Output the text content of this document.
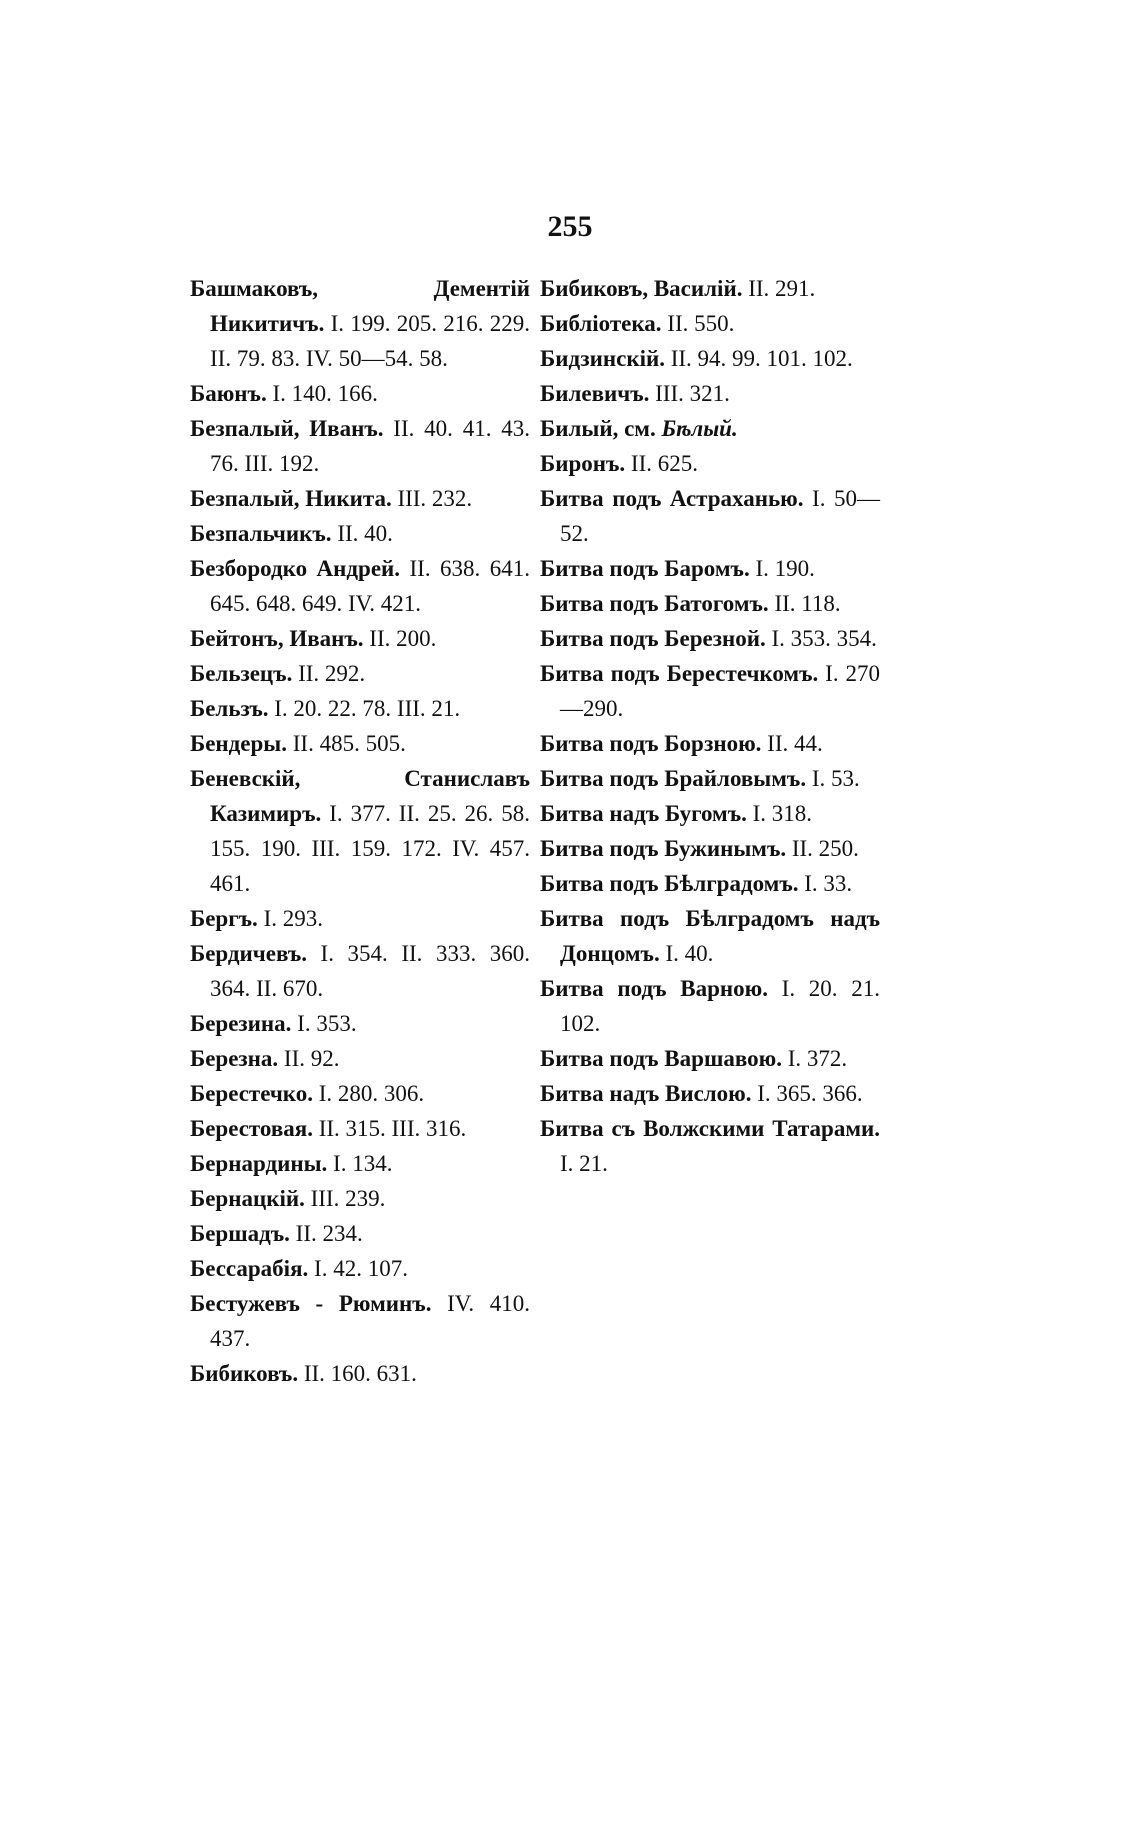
255
Башмаковъ, Дементій Никитичъ. I. 199. 205. 216. 229. II. 79. 83. IV. 50—54. 58.
Баюнъ. I. 140. 166.
Безпалый, Иванъ. II. 40. 41. 43. 76. III. 192.
Безпалый, Никита. III. 232.
Безпальчикъ. II. 40.
Безбородко Андрей. II. 638. 641. 645. 648. 649. IV. 421.
Бейтонъ, Иванъ. II. 200.
Бельзецъ. II. 292.
Бельзъ. I. 20. 22. 78. III. 21.
Бендеры. II. 485. 505.
Беневскій, Станиславъ Казимиръ. I. 377. II. 25. 26. 58. 155. 190. III. 159. 172. IV. 457. 461.
Бергъ. I. 293.
Бердичевъ. I. 354. II. 333. 360. 364. II. 670.
Березина. I. 353.
Березна. II. 92.
Берестечко. I. 280. 306.
Берестовая. II. 315. III. 316.
Бернардины. I. 134.
Бернацкій. III. 239.
Бершадъ. II. 234.
Бессарабія. I. 42. 107.
Бестужевъ - Рюминъ. IV. 410. 437.
Бибиковъ. II. 160. 631.
Бибиковъ, Василій. II. 291.
Библіотека. II. 550.
Бидзинскій. II. 94. 99. 101. 102.
Билевичъ. III. 321.
Билый, см. Бѣлый.
Биронъ. II. 625.
Битва подъ Астраханью. I. 50—52.
Битва подъ Баромъ. I. 190.
Битва подъ Батогомъ. II. 118.
Битва подъ Березной. I. 353. 354.
Битва подъ Берестечкомъ. I. 270—290.
Битва подъ Борзною. II. 44.
Битва подъ Брайловымъ. I. 53.
Битва надъ Бугомъ. I. 318.
Битва подъ Бужинымъ. II. 250.
Битва подъ Бѣлградомъ. I. 33.
Битва подъ Бѣлградомъ надъ Донцомъ. I. 40.
Битва подъ Варною. I. 20. 21. 102.
Битва подъ Варшавою. I. 372.
Битва надъ Вислою. I. 365. 366.
Битва съ Волжскими Татарами. I. 21.
